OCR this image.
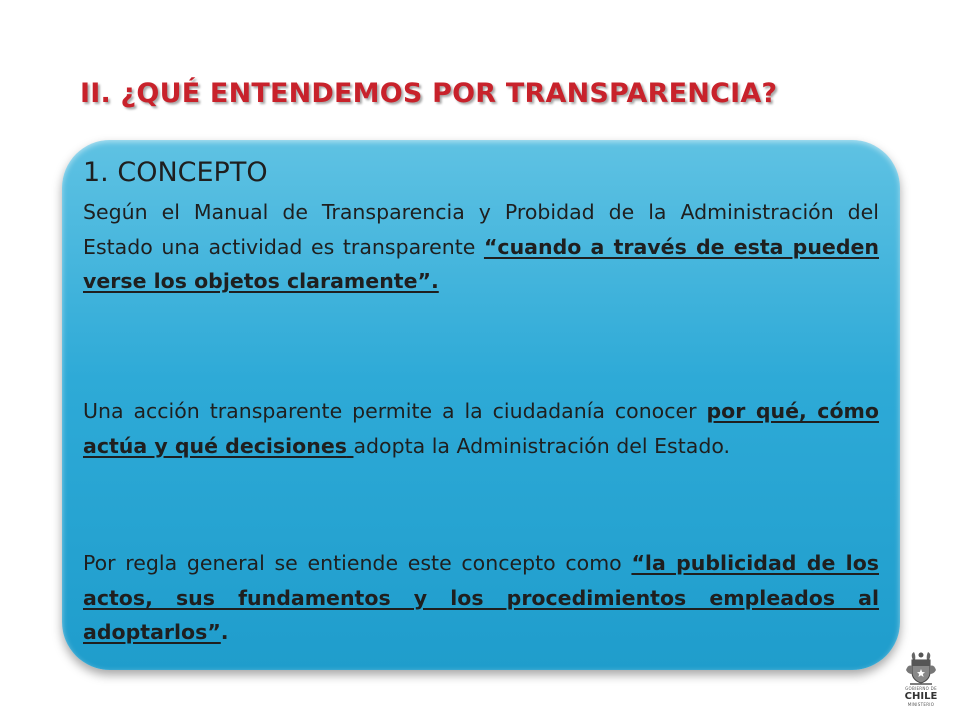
II. ¿QUÉ ENTENDEMOS POR TRANSPARENCIA?
1. CONCEPTO

Según el Manual de Transparencia y Probidad de la Administración del Estado una actividad es transparente “cuando a través de esta pueden verse los objetos claramente”.

Una acción transparente permite a la ciudadanía conocer por qué, cómo actúa y qué decisiones adopta la Administración del Estado.

Por regla general se entiende este concepto como “la publicidad de los actos, sus fundamentos y los procedimientos empleados al adoptarlos”.

GOBIERNO DE
CHILE
MINISTERIO
